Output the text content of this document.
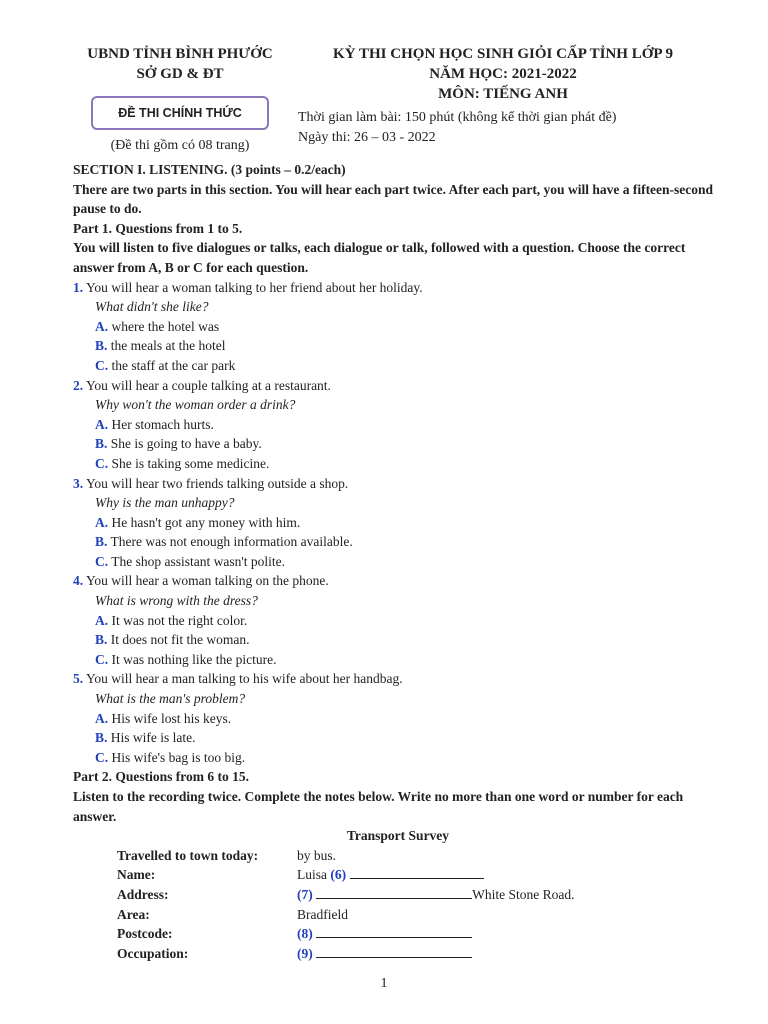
UBND TỈNH BÌNH PHƯỚC
SỞ GD & ĐT
ĐỀ THI CHÍNH THỨC
(Đề thi gồm có 08 trang)
KỲ THI CHỌN HỌC SINH GIỎI CẤP TỈNH LỚP 9
NĂM HỌC: 2021-2022
MÔN: TIẾNG ANH
Thời gian làm bài: 150 phút (không kể thời gian phát đề)
Ngày thi: 26 – 03 - 2022

SECTION I. LISTENING. (3 points – 0.2/each)

There are two parts in this section. You will hear each part twice. After each part, you will have a fifteen-second pause to do.

Part 1. Questions from 1 to 5.

You will listen to five dialogues or talks, each dialogue or talk, followed with a question. Choose the correct answer from A, B or C for each question.

1. You will hear a woman talking to her friend about her holiday.

What didn't she like?

A. where the hotel was

B. the meals at the hotel

C. the staff at the car park

2. You will hear a couple talking at a restaurant.

Why won't the woman order a drink?

A. Her stomach hurts.

B. She is going to have a baby.

C. She is taking some medicine.

3. You will hear two friends talking outside a shop.

Why is the man unhappy?

A. He hasn't got any money with him.

B. There was not enough information available.

C. The shop assistant wasn't polite.

4. You will hear a woman talking on the phone.

What is wrong with the dress?

A. It was not the right color.

B. It does not fit the woman.

C. It was nothing like the picture.

5. You will hear a man talking to his wife about her handbag.

What is the man's problem?

A. His wife lost his keys.

B. His wife is late.

C. His wife's bag is too big.

Part 2. Questions from 6 to 15.

Listen to the recording twice. Complete the notes below. Write no more than one word or number for each answer.

Transport Survey

Travelled to town today:	by bus.
Name:	Luisa (6)
Address:	(7) White Stone Road.
Area:	Bradfield
Postcode:	(8)
Occupation:	(9)
1
